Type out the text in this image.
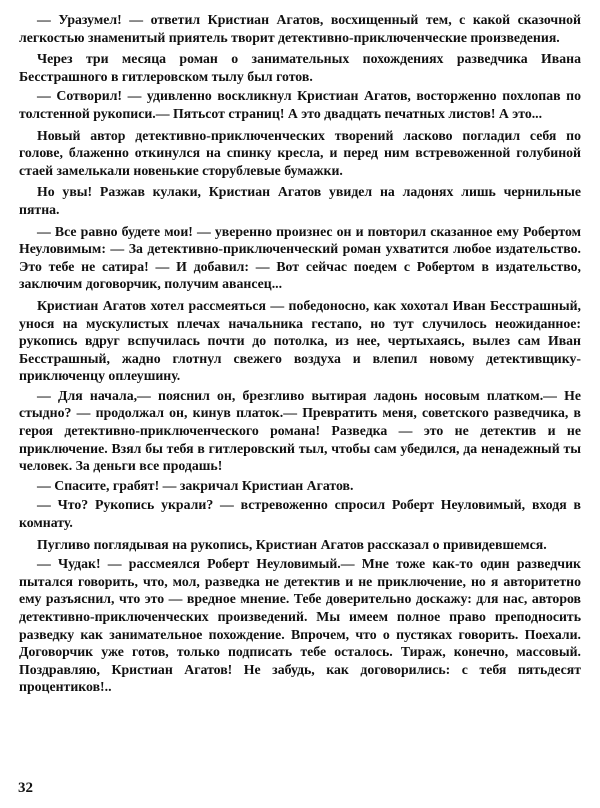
— Уразумел! — ответил Кристиан Агатов, восхищенный тем, с какой сказочной легкостью знаменитый приятель творит детективно-приключенческие произведения.

Через три месяца роман о занимательных похождениях разведчика Ивана Бесстрашного в гитлеровском тылу был готов.

— Сотворил! — удивленно воскликнул Кристиан Агатов, восторженно похлопав по толстенной рукописи.— Пятьсот страниц! А это двадцать печатных листов! А это...

Новый автор детективно-приключенческих творений ласково погладил себя по голове, блаженно откинулся на спинку кресла, и перед ним встревоженной голубиной стаей замелькали новенькие сторублевые бумажки.

Но увы! Разжав кулаки, Кристиан Агатов увидел на ладонях лишь чернильные пятна.

— Все равно будете мои! — уверенно произнес он и повторил сказанное ему Робертом Неуловимым: — За детективно-приключенческий роман ухватится любое издательство. Это тебе не сатира! — И добавил: — Вот сейчас поедем с Робертом в издательство, заключим договорчик, получим авансец...

Кристиан Агатов хотел рассмеяться — победоносно, как хохотал Иван Бесстрашный, унося на мускулистых плечах начальника гестапо, но тут случилось неожиданное: рукопись вдруг вспучилась почти до потолка, из нее, чертыхаясь, вылез сам Иван Бесстрашный, жадно глотнул свежего воздуха и влепил новому детективщику-приключенцу оплеушину.

— Для начала,— пояснил он, брезгливо вытирая ладонь носовым платком.— Не стыдно? — продолжал он, кинув платок.— Превратить меня, советского разведчика, в героя детективно-приключенческого романа! Разведка — это не детектив и не приключение. Взял бы тебя в гитлеровский тыл, чтобы сам убедился, да ненадежный ты человек. За деньги все продашь!

— Спасите, грабят! — закричал Кристиан Агатов.

— Что? Рукопись украли? — встревоженно спросил Роберт Неуловимый, входя в комнату.

Пугливо поглядывая на рукопись, Кристиан Агатов рассказал о привидевшемся.

— Чудак! — рассмеялся Роберт Неуловимый.— Мне тоже как-то один разведчик пытался говорить, что, мол, разведка не детектив и не приключение, но я авторитетно ему разъяснил, что это — вредное мнение. Тебе доверительно доскажу: для нас, авторов детективно-приключенческих произведений. Мы имеем полное право преподносить разведку как занимательное похождение. Впрочем, что о пустяках говорить. Поехали. Договорчик уже готов, только подписать тебе осталось. Тираж, конечно, массовый. Поздравляю, Кристиан Агатов! Не забудь, как договорились: с тебя пятьдесят процентиков!..

32
